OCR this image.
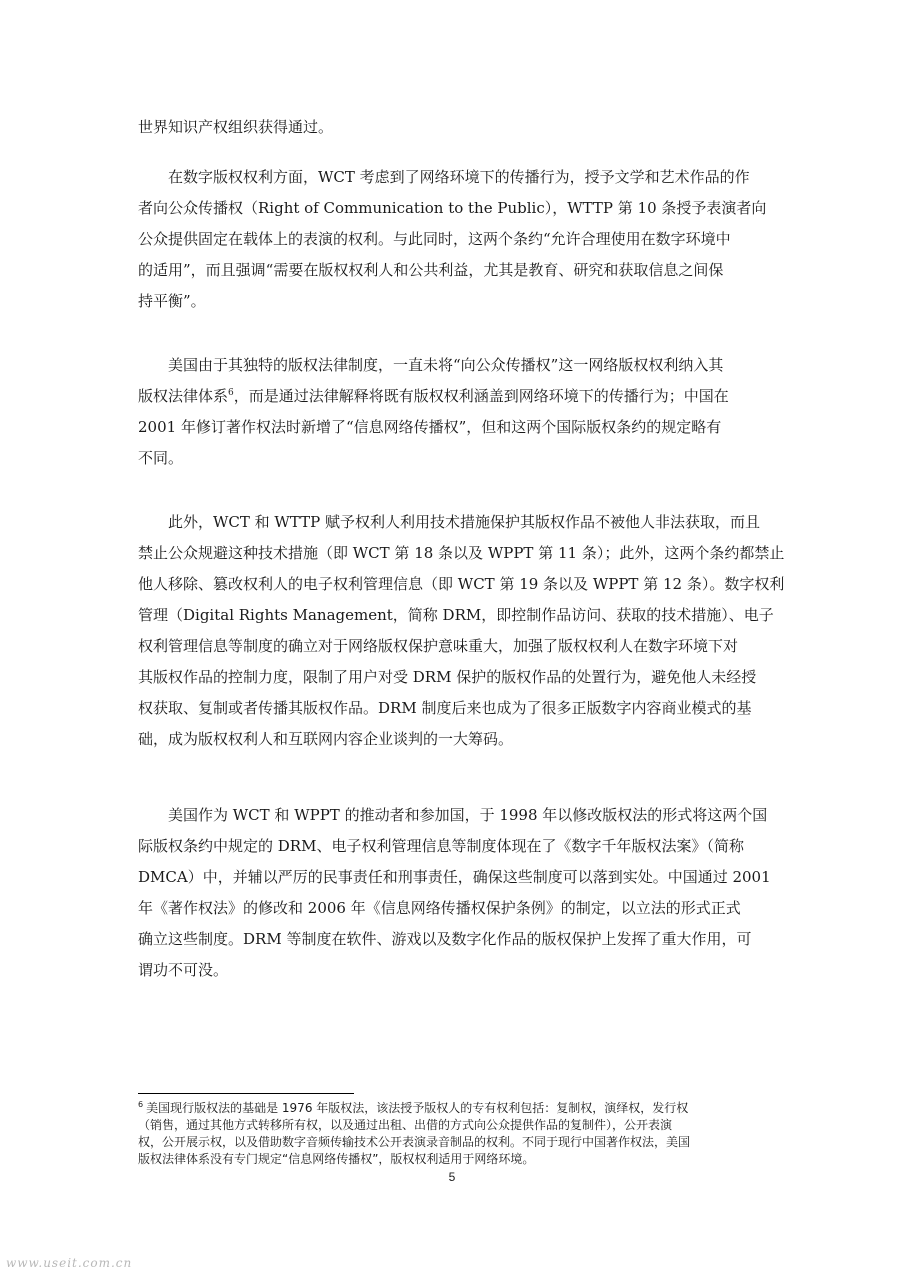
世界知识产权组织获得通过。

　　在数字版权权利方面，WCT 考虑到了网络环境下的传播行为，授予文学和艺术作品的作
者向公众传播权（Right of Communication to the Public），WTTP 第 10 条授予表演者向
公众提供固定在载体上的表演的权利。与此同时，这两个条约“允许合理使用在数字环境中
的适用”，而且强调“需要在版权权利人和公共利益，尤其是教育、研究和获取信息之间保
持平衡”。

　　美国由于其独特的版权法律制度，一直未将“向公众传播权”这一网络版权权利纳入其
版权法律体系$^6$，而是通过法律解释将既有版权权利涵盖到网络环境下的传播行为；中国在
2001 年修订著作权法时新增了“信息网络传播权”，但和这两个国际版权条约的规定略有
不同。

　　此外，WCT 和 WTTP 赋予权利人利用技术措施保护其版权作品不被他人非法获取，而且
禁止公众规避这种技术措施（即 WCT 第 18 条以及 WPPT 第 11 条）；此外，这两个条约都禁止
他人移除、篡改权利人的电子权利管理信息（即 WCT 第 19 条以及 WPPT 第 12 条）。数字权利
管理（Digital Rights Management，简称 DRM，即控制作品访问、获取的技术措施）、电子
权利管理信息等制度的确立对于网络版权保护意味重大，加强了版权权利人在数字环境下对
其版权作品的控制力度，限制了用户对受 DRM 保护的版权作品的处置行为，避免他人未经授
权获取、复制或者传播其版权作品。DRM 制度后来也成为了很多正版数字内容商业模式的基
础，成为版权权利人和互联网内容企业谈判的一大筹码。

　　美国作为 WCT 和 WPPT 的推动者和参加国，于 1998 年以修改版权法的形式将这两个国
际版权条约中规定的 DRM、电子权利管理信息等制度体现在了《数字千年版权法案》（简称
DMCA）中，并辅以严厉的民事责任和刑事责任，确保这些制度可以落到实处。中国通过 2001
年《著作权法》的修改和 2006 年《信息网络传播权保护条例》的制定，以立法的形式正式
确立这些制度。DRM 等制度在软件、游戏以及数字化作品的版权保护上发挥了重大作用，可
谓功不可没。

$^6$ 美国现行版权法的基础是 1976 年版权法，该法授予版权人的专有权利包括：复制权，演绎权，发行权
（销售，通过其他方式转移所有权，以及通过出租、出借的方式向公众提供作品的复制件），公开表演
权，公开展示权，以及借助数字音频传输技术公开表演录音制品的权利。不同于现行中国著作权法，美国
版权法律体系没有专门规定“信息网络传播权”，版权权利适用于网络环境。
5
www.useit.com.cn
